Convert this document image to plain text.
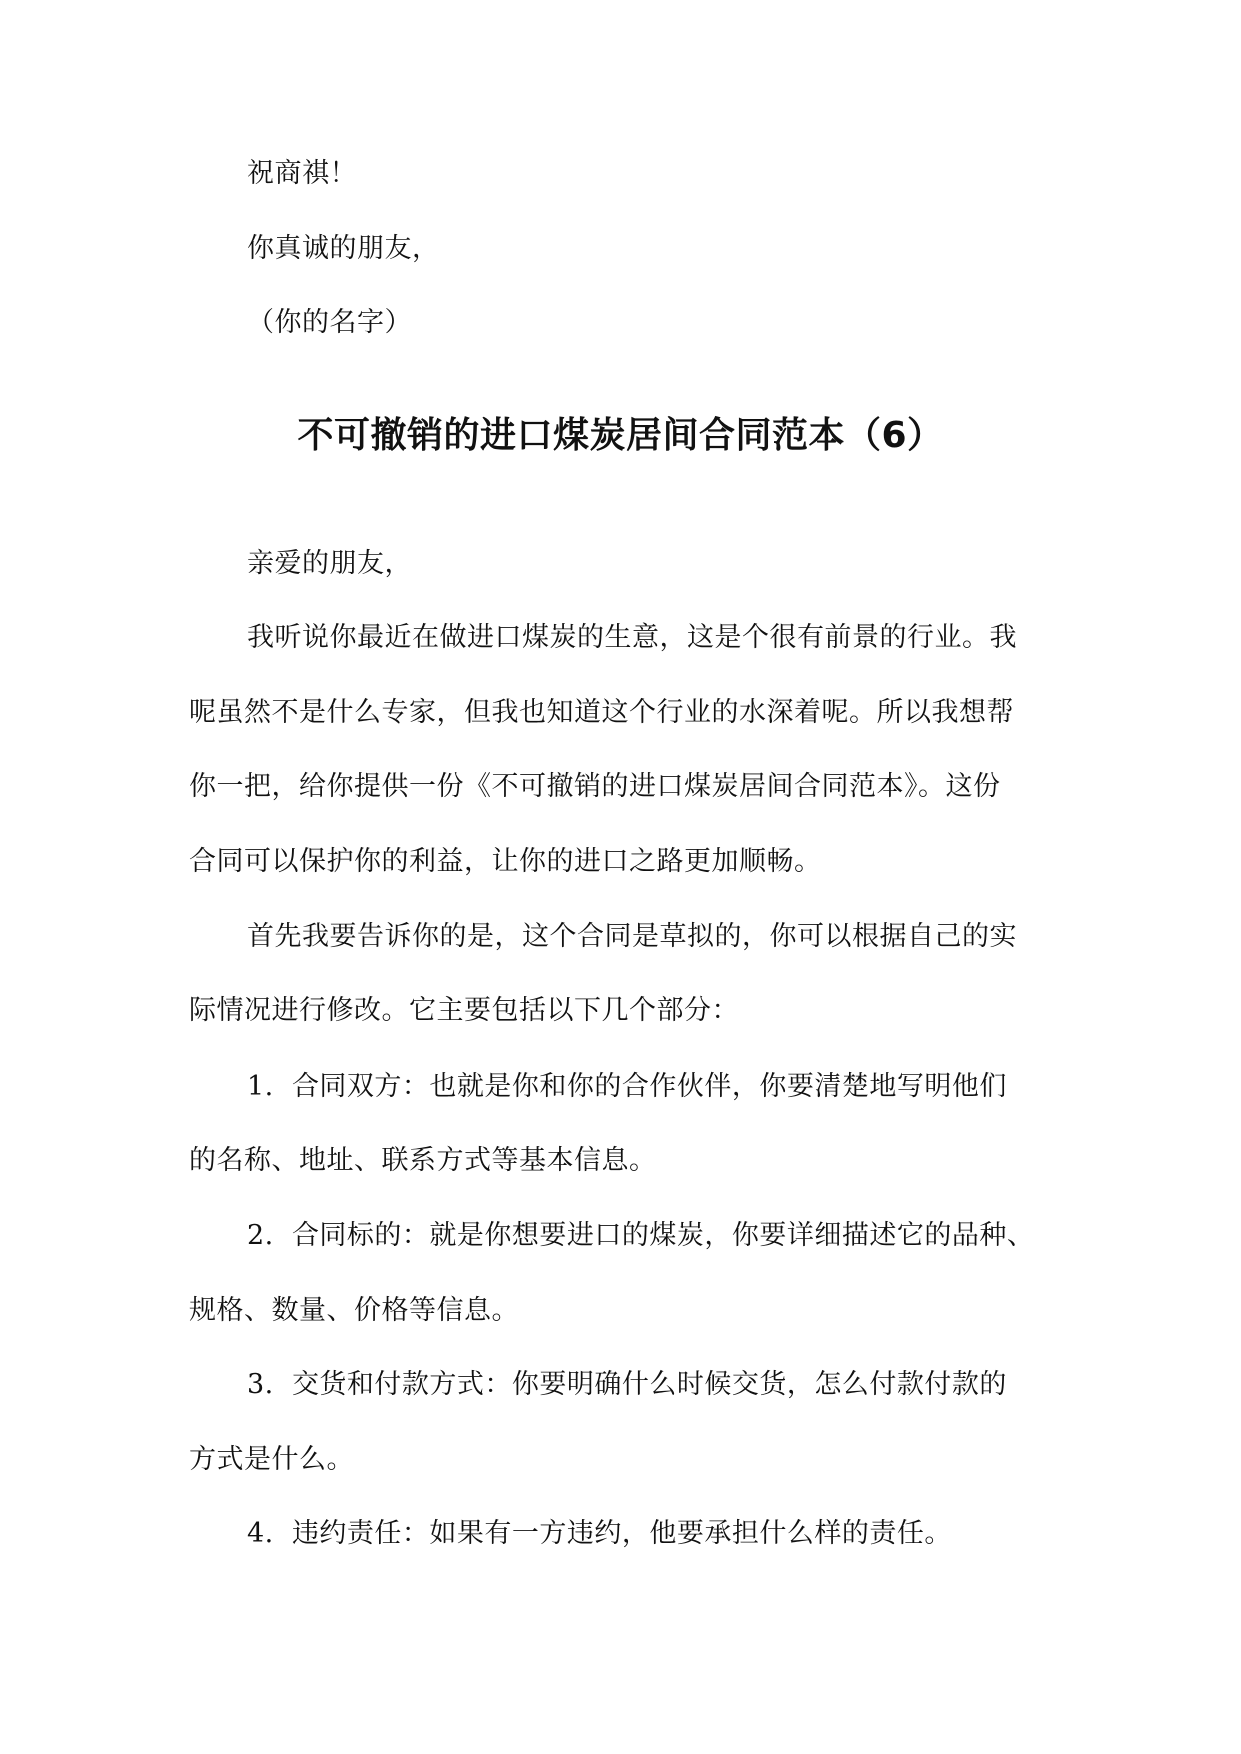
祝商祺！
你真诚的朋友，
（你的名字）
不可撤销的进口煤炭居间合同范本（6）
亲爱的朋友，
我听说你最近在做进口煤炭的生意，这是个很有前景的行业。我
呢虽然不是什么专家，但我也知道这个行业的水深着呢。所以我想帮
你一把，给你提供一份《不可撤销的进口煤炭居间合同范本》。这份
合同可以保护你的利益，让你的进口之路更加顺畅。
首先我要告诉你的是，这个合同是草拟的，你可以根据自己的实
际情况进行修改。它主要包括以下几个部分：
1. 合同双方：也就是你和你的合作伙伴，你要清楚地写明他们
的名称、地址、联系方式等基本信息。
2. 合同标的：就是你想要进口的煤炭，你要详细描述它的品种、
规格、数量、价格等信息。
3. 交货和付款方式：你要明确什么时候交货，怎么付款付款的
方式是什么。
4. 违约责任：如果有一方违约，他要承担什么样的责任。
